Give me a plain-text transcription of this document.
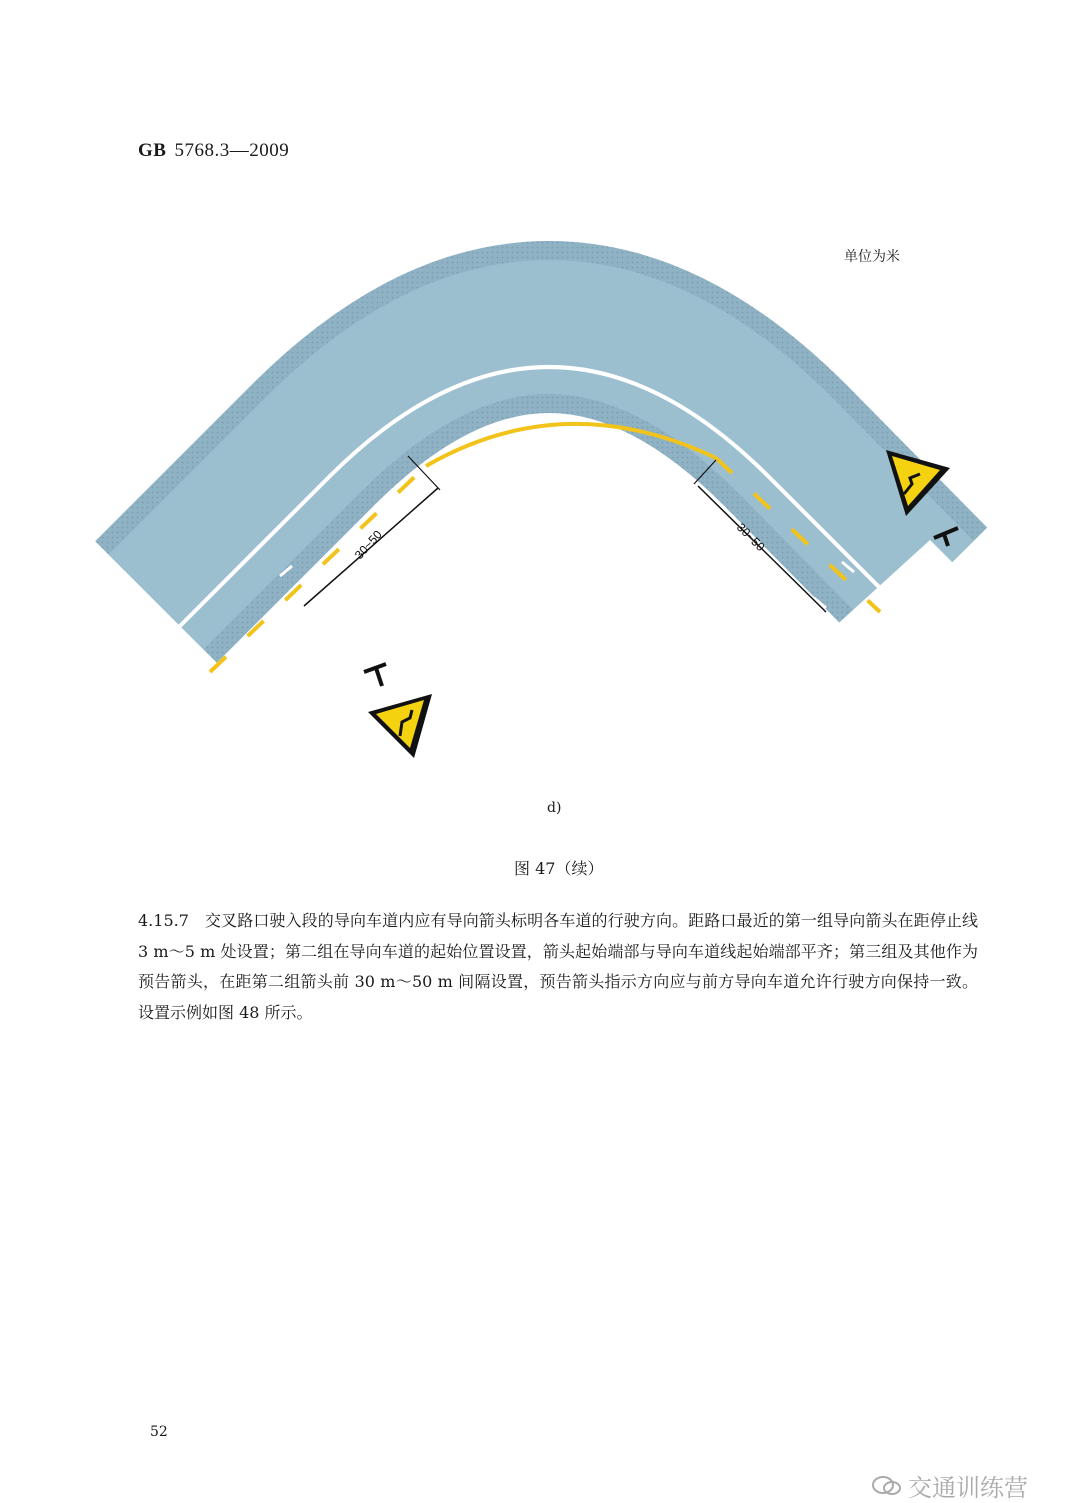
GB 5768.3—2009
单位为米
30~50	30~50
d)
图 47（续）
4.15.7 交叉路口驶入段的导向车道内应有导向箭头标明各车道的行驶方向。距路口最近的第一组导向箭头在距停止线 3 m～5 m 处设置；第二组在导向车道的起始位置设置，箭头起始端部与导向车道线起始端部平齐；第三组及其他作为预告箭头，在距第二组箭头前 30 m～50 m 间隔设置，预告箭头指示方向应与前方导向车道允许行驶方向保持一致。设置示例如图 48 所示。
52
交通训练营
